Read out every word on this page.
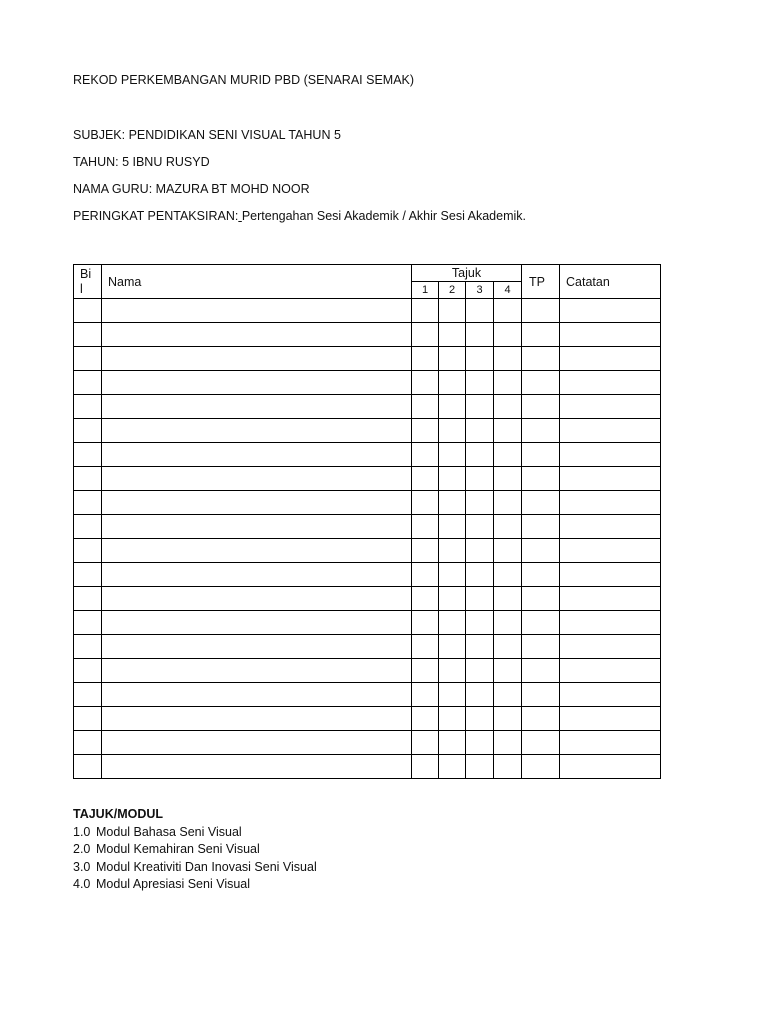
REKOD PERKEMBANGAN MURID PBD (SENARAI SEMAK)
SUBJEK: PENDIDIKAN SENI VISUAL TAHUN 5
TAHUN: 5 IBNU RUSYD
NAMA GURU: MAZURA BT MOHD NOOR
PERINGKAT PENTAKSIRAN: Pertengahan Sesi Akademik / Akhir Sesi Akademik.
Bi
l	Nama	Tajuk				TP	Catatan
		1	2	3	4		

TAJUK/MODUL
1.0 Modul Bahasa Seni Visual
2.0 Modul Kemahiran Seni Visual
3.0 Modul Kreativiti Dan Inovasi Seni Visual
4.0 Modul Apresiasi Seni Visual
